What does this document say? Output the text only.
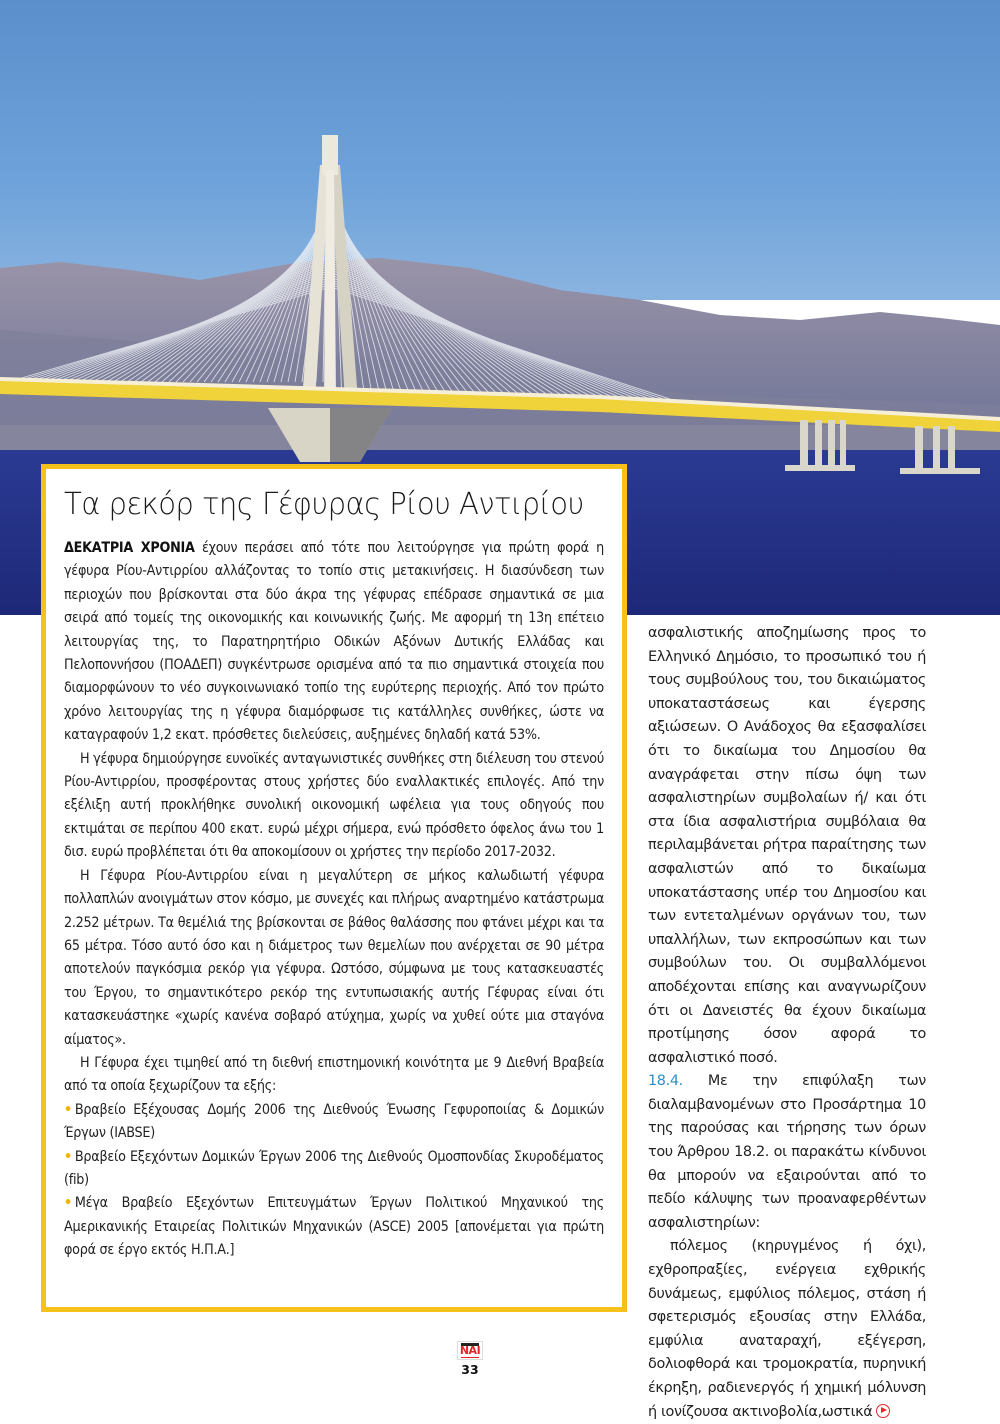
Τα ρεκόρ της Γέφυρας Ρίου Αντιρίου

ΔΕΚΑΤΡΙΑ ΧΡΟΝΙΑ έχουν περάσει από τότε που λειτούργησε για πρώτη φορά η γέφυρα Ρίου-Αντιρρίου αλλάζοντας το τοπίο στις μετακινήσεις. Η διασύνδεση των περιοχών που βρίσκονται στα δύο άκρα της γέφυρας επέδρασε σημαντικά σε μια σειρά από τομείς της οικονομικής και κοινωνικής ζωής. Με αφορμή τη 13η επέτειο λειτουργίας της, το Παρατηρητήριο Οδικών Αξόνων Δυτικής Ελλάδας και Πελοποννήσου (ΠΟΑΔΕΠ) συγκέντρωσε ορισμένα από τα πιο σημαντικά στοιχεία που διαμορφώνουν το νέο συγκοινωνιακό τοπίο της ευρύτερης περιοχής. Από τον πρώτο χρόνο λειτουργίας της η γέφυρα διαμόρφωσε τις κατάλληλες συνθήκες, ώστε να καταγραφούν 1,2 εκατ. πρόσθετες διελεύσεις, αυξημένες δηλαδή κατά 53%.

Η γέφυρα δημιούργησε ευνοϊκές ανταγωνιστικές συνθήκες στη διέλευση του στενού Ρίου-Αντιρρίου, προσφέροντας στους χρήστες δύο εναλλακτικές επιλογές. Από την εξέλιξη αυτή προκλήθηκε συνολική οικονομική ωφέλεια για τους οδηγούς που εκτιμάται σε περίπου 400 εκατ. ευρώ μέχρι σήμερα, ενώ πρόσθετο όφελος άνω του 1 δισ. ευρώ προβλέπεται ότι θα αποκομίσουν οι χρήστες την περίοδο 2017-2032.

Η Γέφυρα Ρίου-Αντιρρίου είναι η μεγαλύτερη σε μήκος καλωδιωτή γέφυρα πολλαπλών ανοιγμάτων στον κόσμο, με συνεχές και πλήρως αναρτημένο κατάστρωμα 2.252 μέτρων. Τα θεμέλιά της βρίσκονται σε βάθος θαλάσσης που φτάνει μέχρι και τα 65 μέτρα. Τόσο αυτό όσο και η διάμετρος των θεμελίων που ανέρχεται σε 90 μέτρα αποτελούν παγκόσμια ρεκόρ για γέφυρα. Ωστόσο, σύμφωνα με τους κατασκευαστές του Έργου, το σημαντικότερο ρεκόρ της εντυπωσιακής αυτής Γέφυρας είναι ότι κατασκευάστηκε «χωρίς κανένα σοβαρό ατύχημα, χωρίς να χυθεί ούτε μια σταγόνα αίματος».

Η Γέφυρα έχει τιμηθεί από τη διεθνή επιστημονική κοινότητα με 9 Διεθνή Βραβεία από τα οποία ξεχωρίζουν τα εξής:

• Βραβείο Εξέχουσας Δομής 2006 της Διεθνούς Ένωσης Γεφυροποιίας & Δομικών Έργων (IABSE)

• Βραβείο Εξεχόντων Δομικών Έργων 2006 της Διεθνούς Ομοσπονδίας Σκυροδέματος (fib)

• Μέγα Βραβείο Εξεχόντων Επιτευγμάτων Έργων Πολιτικού Μηχανικού της Αμερικανικής Εταιρείας Πολιτικών Μηχανικών (ASCE) 2005 [απονέμεται για πρώτη φορά σε έργο εκτός Η.Π.Α.]

ασφαλιστικής αποζημίωσης προς το Ελληνικό Δημόσιο, το προσωπικό του ή τους συμβούλους του, του δικαιώματος υποκαταστάσεως και έγερσης αξιώσεων. Ο Ανάδοχος θα εξασφαλίσει ότι το δικαίωμα του Δημοσίου θα αναγράφεται στην πίσω όψη των ασφαλιστηρίων συμβολαίων ή/ και ότι στα ίδια ασφαλιστήρια συμβόλαια θα περιλαμβάνεται ρήτρα παραίτησης των ασφαλιστών από το δικαίωμα υποκατάστασης υπέρ του Δημοσίου και των εντεταλμένων οργάνων του, των υπαλλήλων, των εκπροσώπων και των συμβούλων του. Οι συμβαλλόμενοι αποδέχονται επίσης και αναγνωρίζουν ότι οι Δανειστές θα έχουν δικαίωμα προτίμησης όσον αφορά το ασφαλιστικό ποσό.

18.4. Με την επιφύλαξη των διαλαμβανομένων στο Προσάρτημα 10 της παρούσας και τήρησης των όρων του Άρθρου 18.2. οι παρακάτω κίνδυνοι θα μπορούν να εξαιρούνται από το πεδίο κάλυψης των προαναφερθέντων ασφαλιστηρίων:

πόλεμος (κηρυγμένος ή όχι), εχθροπραξίες, ενέργεια εχθρικής δυνάμεως, εμφύλιος πόλεμος, στάση ή σφετερισμός εξουσίας στην Ελλάδα, εμφύλια αναταραχή, εξέγερση, δολιοφθορά και τρομοκρατία, πυρηνική έκρηξη, ραδιενεργός ή χημική μόλυνση ή ιονίζουσα ακτινοβολία,ωστικά

NAI
33
